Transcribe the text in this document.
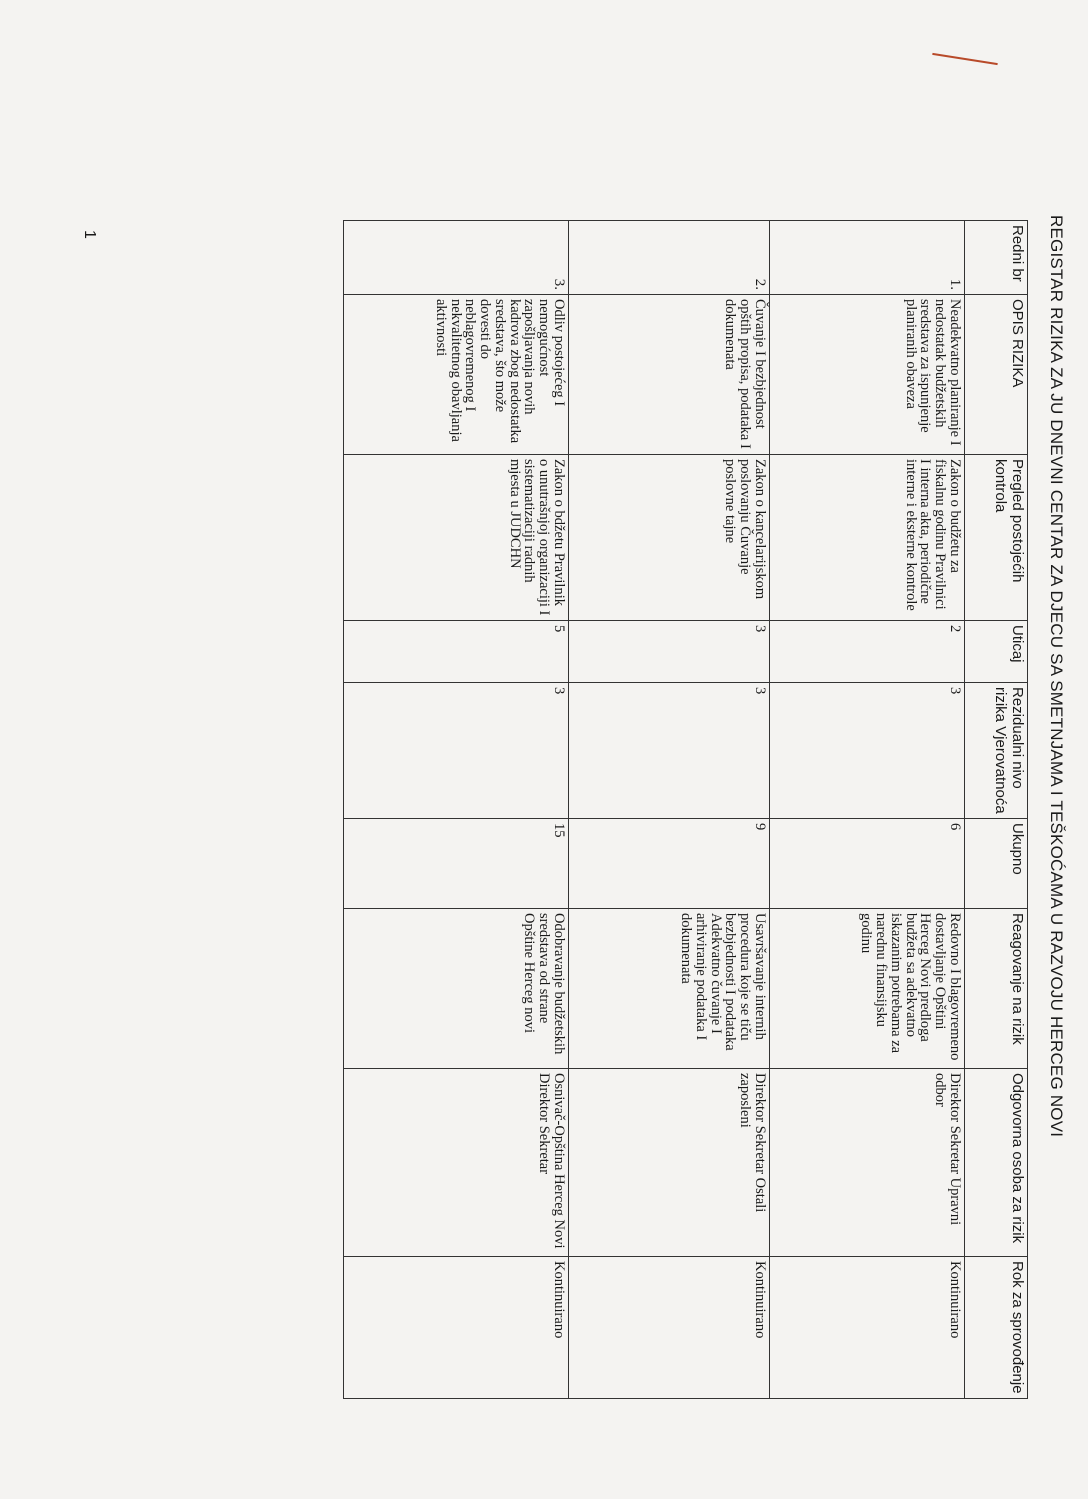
REGISTAR RIZIKA ZA JU DNEVNI CENTAR ZA DJECU SA SMETNJAMA I TEŠKOĆAMA U RAZVOJU HERCEG NOVI
Redni br	OPIS RIZIKA	Pregled postojećih kontrola	Uticaj	Rezidualni nivo rizika Vjerovatnoća	Ukupno	Reagovanje na rizik	Odgovorna osoba za rizik	Rok za sprovođenje
1.	Neadekvatno planiranje I nedostatak budžetskih sredstava za ispunjenje planiranih obaveza	Zakon o budžetu za fiskalnu godinu Pravilnici I interna akta, periodične interne i eksterne kontrole	2	3	6	Redovno I blagovremeno dostavljanje Opštini Herceg Novi predloga budžeta sa adekvatno iskazanim potrebama za narednu finansijsku godinu	Direktor Sekretar Upravni odbor	Kontinuirano
2.	Čuvanje I bezbjednost opštih propisa, podataka I dokumenata	Zakon o kancelarijskom poslovanju Čuvanje poslovne tajne	3	3	9	Usavršavanje internih procedura koje se tiču bezbjednosti I podataka Adekvatno čuvanje I arhiviranje podataka I dokumenata	Direktor Sekretar Ostali zaposleni	Kontinuirano
3.	Odliv postojećeg I nemogućnost zapošljavanja novih kadrova zbog nedostatka sredstava, što može dovesti do neblagovremenog I nekvalitetnog obavljanja aktivnosti	Zakon o bdžetu Pravilnik o unutrašnjoj organizaciji I sistematizaciji radnih mjesta u JUDCHN	5	3	15	Odobravanje budžetskih sredstava od strane Opštine Herceg novi	Osnivač-Opština Herceg Novi Direktor Sekretar	Kontinuirano
1
